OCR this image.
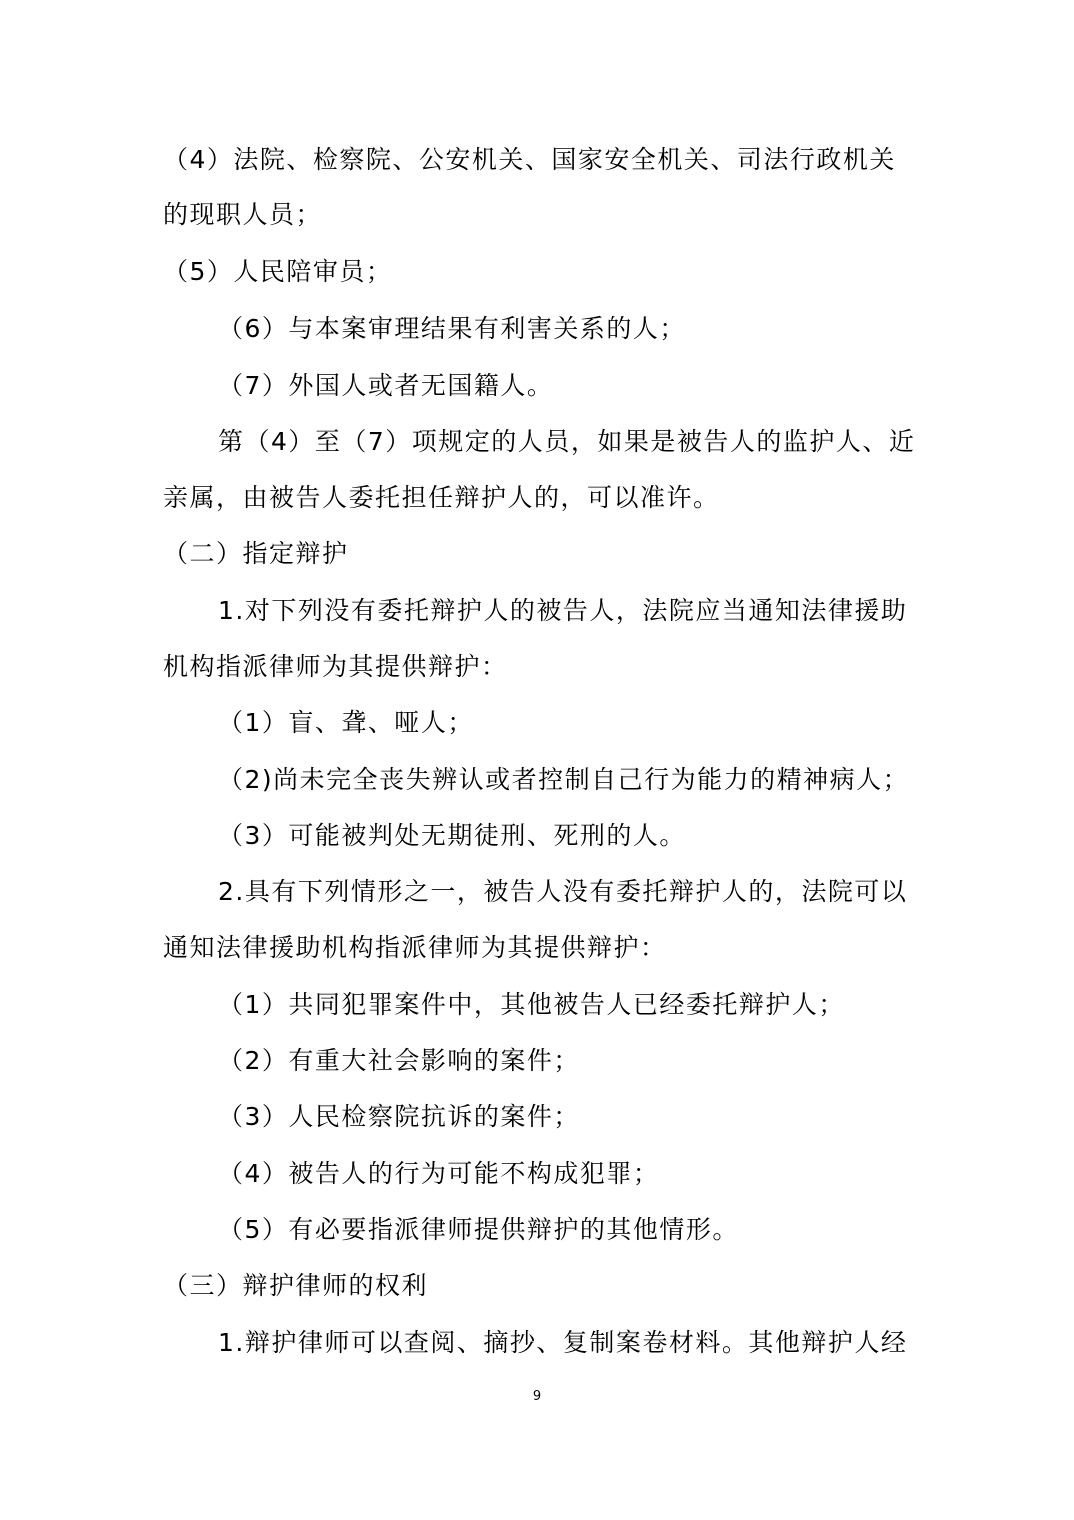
（4）法院、检察院、公安机关、国家安全机关、司法行政机关
的现职人员；
（5）人民陪审员；
（6）与本案审理结果有利害关系的人；
（7）外国人或者无国籍人。
第（4）至（7）项规定的人员，如果是被告人的监护人、近
亲属，由被告人委托担任辩护人的，可以准许。
（二）指定辩护
1.对下列没有委托辩护人的被告人，法院应当通知法律援助
机构指派律师为其提供辩护：
（1）盲、聋、哑人；
（2)尚未完全丧失辨认或者控制自己行为能力的精神病人；
（3）可能被判处无期徒刑、死刑的人。
2.具有下列情形之一，被告人没有委托辩护人的，法院可以
通知法律援助机构指派律师为其提供辩护：
（1）共同犯罪案件中，其他被告人已经委托辩护人；
（2）有重大社会影响的案件；
（3）人民检察院抗诉的案件；
（4）被告人的行为可能不构成犯罪；
（5）有必要指派律师提供辩护的其他情形。
（三）辩护律师的权利
1.辩护律师可以查阅、摘抄、复制案卷材料。其他辩护人经
9
